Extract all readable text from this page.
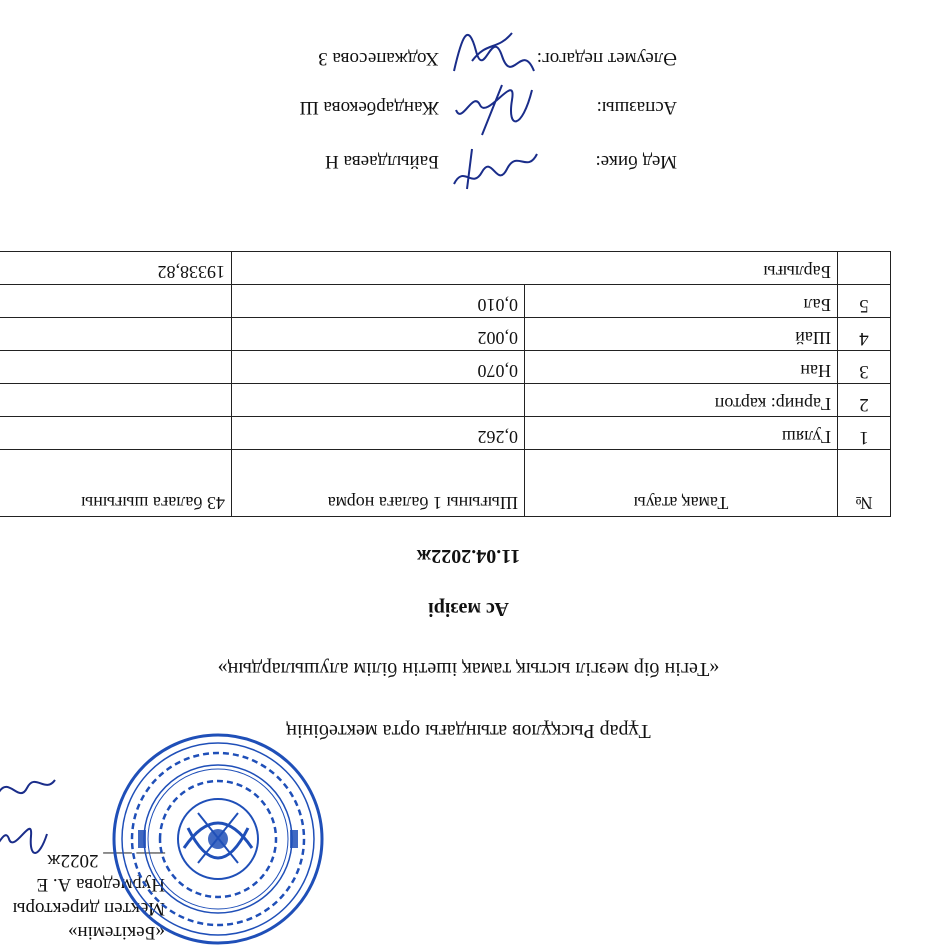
«Бекітемін»
Мектеп директоры
Нурмедова А. Е
___ ___ 2022ж
Тұрар Рысқұлов атындағы орта мектебінің
«Тегін бір мезгіл ыстық тамақ ішетін білім алушылардың»
Ас мәзірі
11.04.2022ж
№	Тамақ атауы	Шығыны 1 балаға норма	43 балаға шығыны
1	Гуляш	0,262	
2	Гарнир: картоп		
3	Нан	0,070	
4	Шай	0,002	
5	Бал	0,010	
	Барлығы		19338,82
Мед бике:
Байылдаева Н
Аспазшы:
Жандарбекова Ш
Әлеумет педагог:
Ходжапесова З
